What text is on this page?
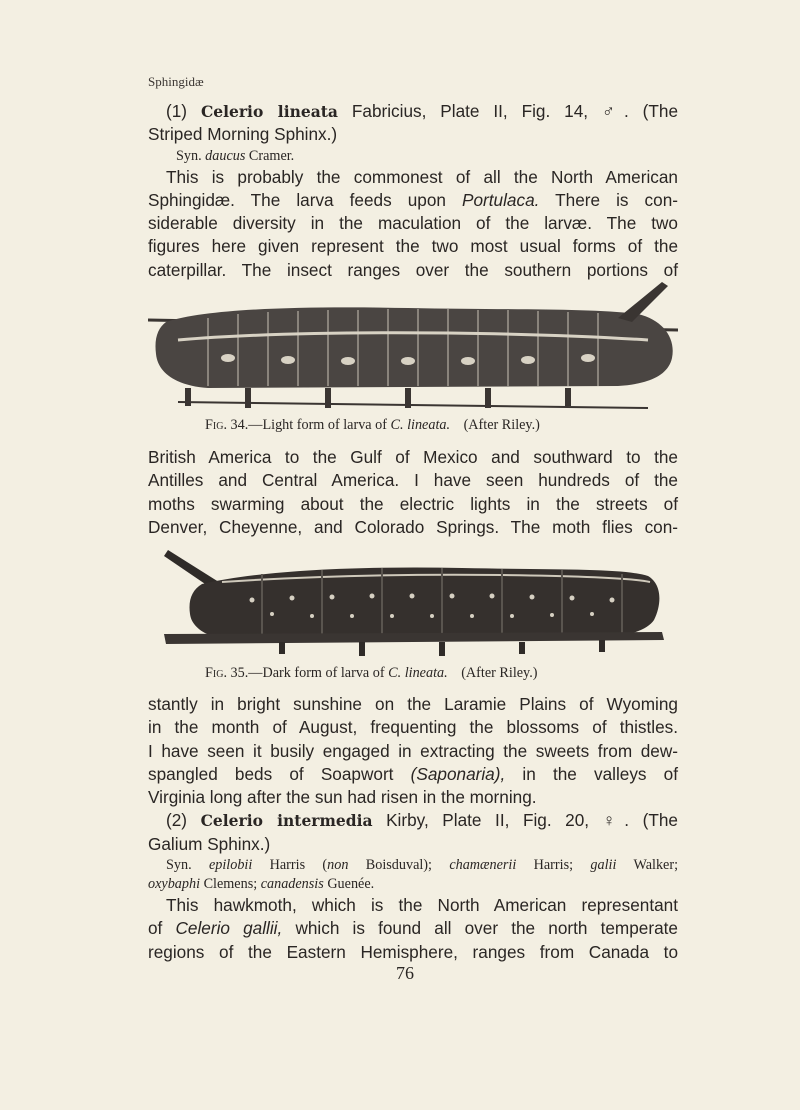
Sphingidæ

(1) Celerio lineata Fabricius, Plate II, Fig. 14, ♂. (The

Striped Morning Sphinx.)

Syn. daucus Cramer.

This is probably the commonest of all the North American

Sphingidæ. The larva feeds upon Portulaca. There is con-

siderable diversity in the maculation of the larvæ. The two

figures here given represent the two most usual forms of the

caterpillar. The insect ranges over the southern portions of

Fig. 34.—Light form of larva of C. lineata. (After Riley.)

British America to the Gulf of Mexico and southward to the

Antilles and Central America. I have seen hundreds of the

moths swarming about the electric lights in the streets of

Denver, Cheyenne, and Colorado Springs. The moth flies con-

Fig. 35.—Dark form of larva of C. lineata. (After Riley.)

stantly in bright sunshine on the Laramie Plains of Wyoming

in the month of August, frequenting the blossoms of thistles.

I have seen it busily engaged in extracting the sweets from dew-

spangled beds of Soapwort (Saponaria), in the valleys of

Virginia long after the sun had risen in the morning.

(2) Celerio intermedia Kirby, Plate II, Fig. 20, ♀. (The

Galium Sphinx.)

Syn. epilobii Harris (non Boisduval); chamænerii Harris; galii Walker;

oxybaphi Clemens; canadensis Guenée.

This hawkmoth, which is the North American representant

of Celerio gallii, which is found all over the north temperate

regions of the Eastern Hemisphere, ranges from Canada to

76
